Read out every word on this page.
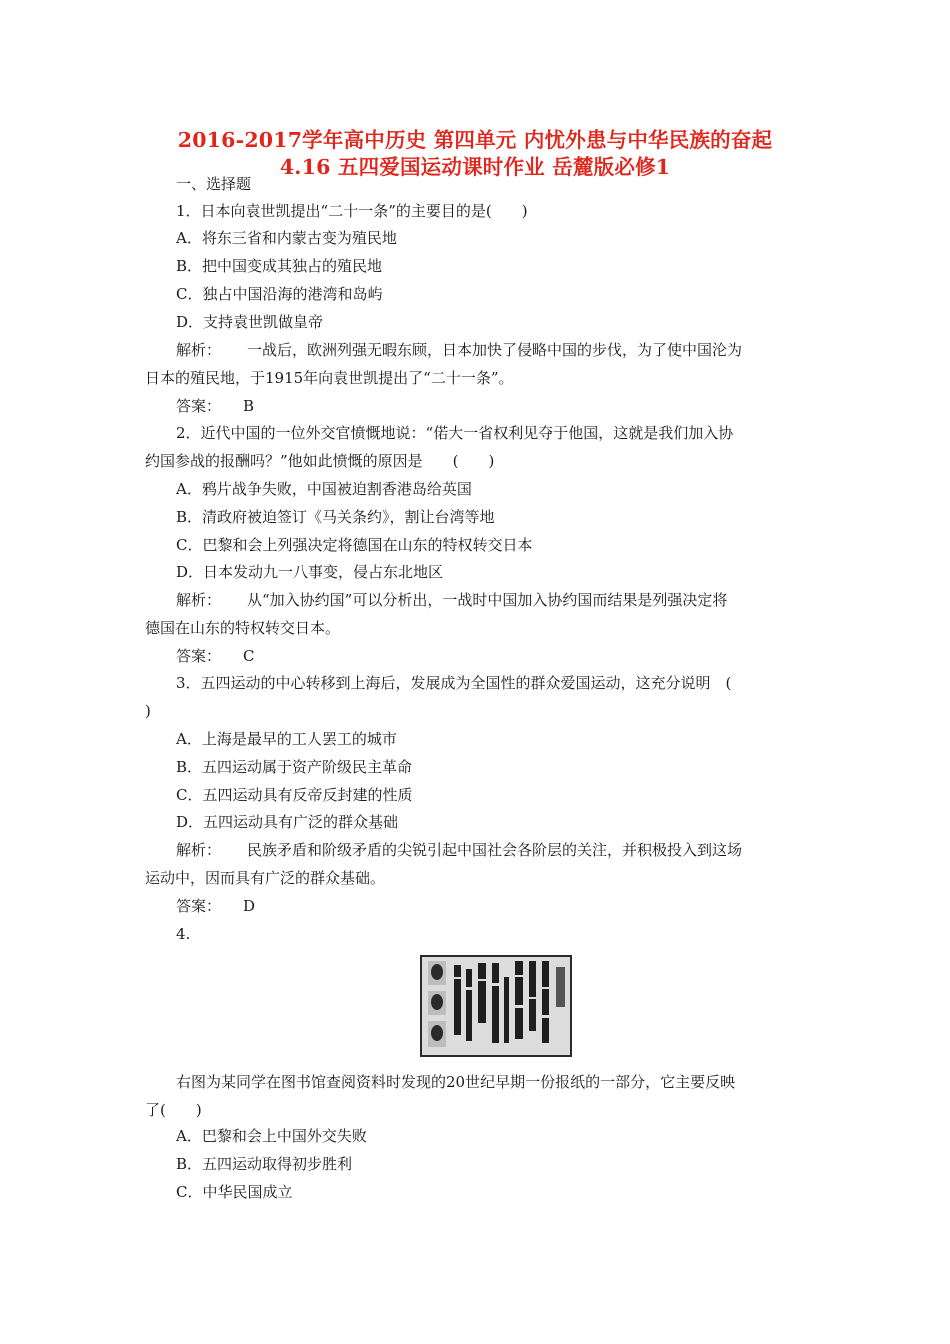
2016-2017学年高中历史 第四单元 内忧外患与中华民族的奋起
4.16 五四爱国运动课时作业 岳麓版必修1
一、选择题
1．日本向袁世凯提出“二十一条”的主要目的是(　　)
A．将东三省和内蒙古变为殖民地
B．把中国变成其独占的殖民地
C．独占中国沿海的港湾和岛屿
D．支持袁世凯做皇帝
解析： 一战后，欧洲列强无暇东顾，日本加快了侵略中国的步伐，为了使中国沦为
日本的殖民地，于1915年向袁世凯提出了“二十一条”。
答案： B
2．近代中国的一位外交官愤慨地说：“偌大一省权利见夺于他国，这就是我们加入协
约国参战的报酬吗？”他如此愤慨的原因是　　(　　)
A．鸦片战争失败，中国被迫割香港岛给英国
B．清政府被迫签订《马关条约》，割让台湾等地
C．巴黎和会上列强决定将德国在山东的特权转交日本
D．日本发动九一八事变，侵占东北地区
解析： 从“加入协约国”可以分析出，一战时中国加入协约国而结果是列强决定将
德国在山东的特权转交日本。
答案： C
3．五四运动的中心转移到上海后，发展成为全国性的群众爱国运动，这充分说明　(
)
A．上海是最早的工人罢工的城市
B．五四运动属于资产阶级民主革命
C．五四运动具有反帝反封建的性质
D．五四运动具有广泛的群众基础
解析： 民族矛盾和阶级矛盾的尖锐引起中国社会各阶层的关注，并积极投入到这场
运动中，因而具有广泛的群众基础。
答案： D
4.
右图为某同学在图书馆查阅资料时发现的20世纪早期一份报纸的一部分，它主要反映
了(　　)
A．巴黎和会上中国外交失败
B．五四运动取得初步胜利
C．中华民国成立
